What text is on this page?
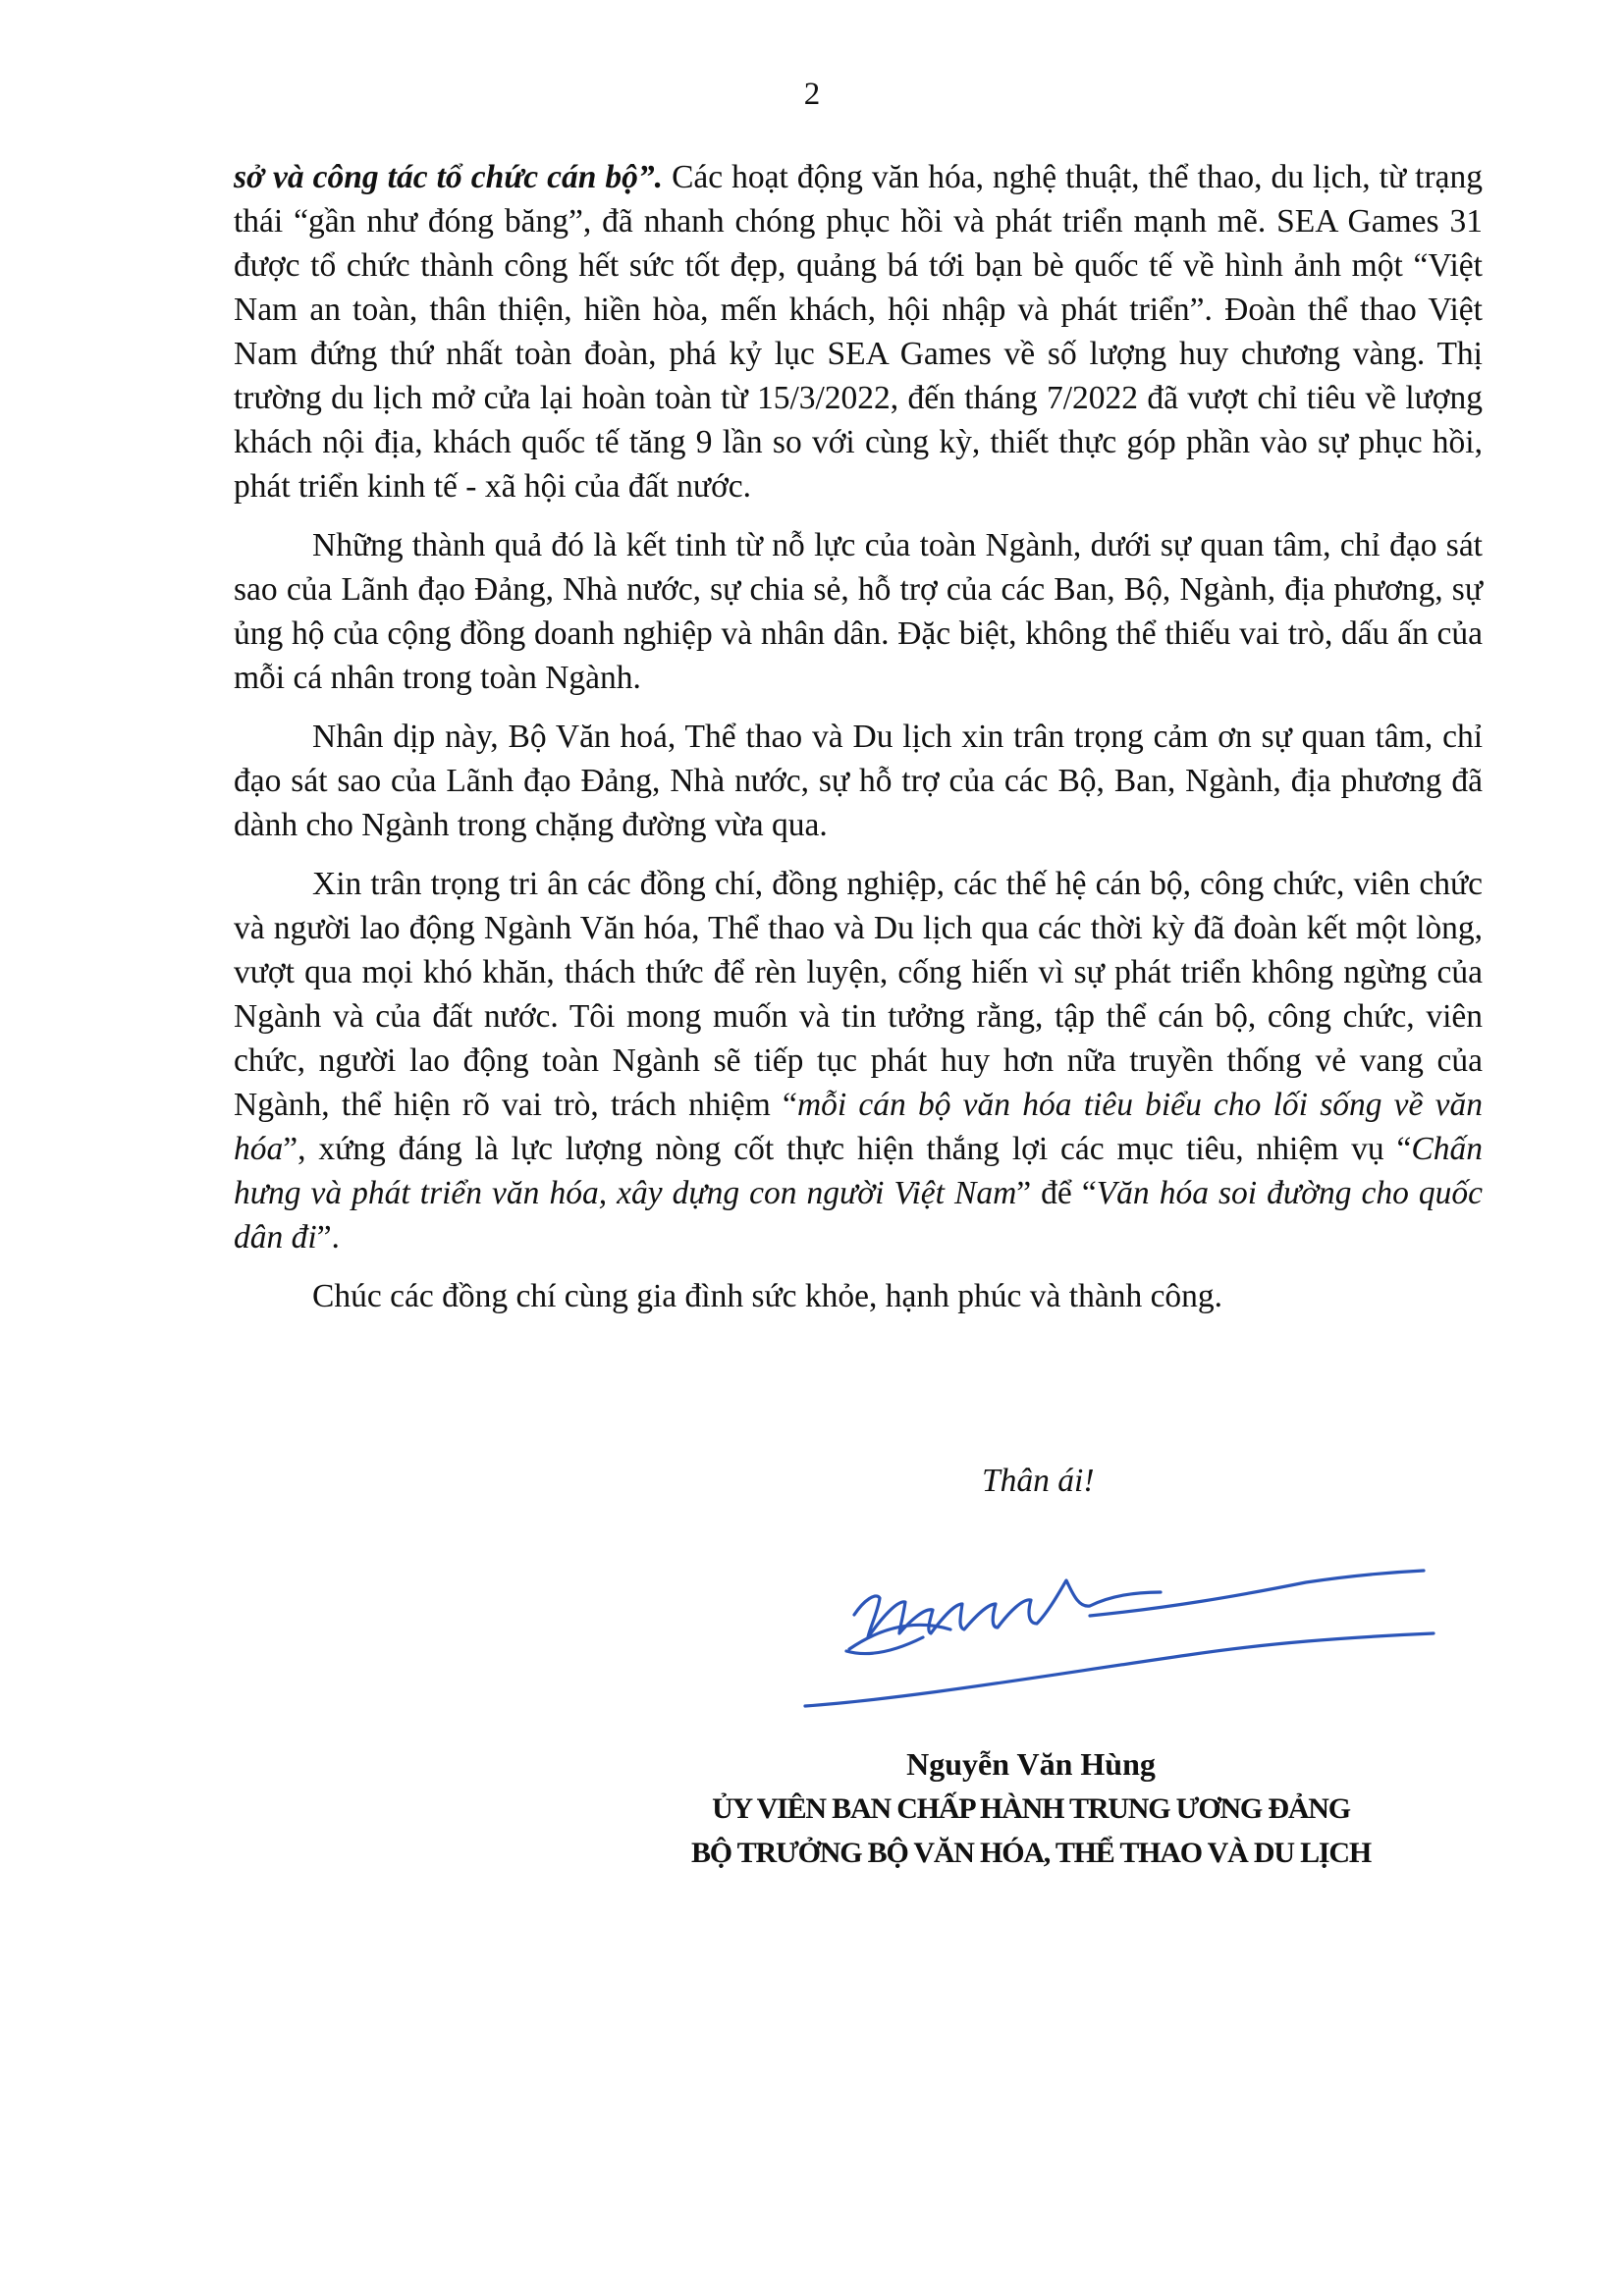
2

sở và công tác tổ chức cán bộ”. Các hoạt động văn hóa, nghệ thuật, thể thao, du lịch, từ trạng thái “gần như đóng băng”, đã nhanh chóng phục hồi và phát triển mạnh mẽ. SEA Games 31 được tổ chức thành công hết sức tốt đẹp, quảng bá tới bạn bè quốc tế về hình ảnh một “Việt Nam an toàn, thân thiện, hiền hòa, mến khách, hội nhập và phát triển”. Đoàn thể thao Việt Nam đứng thứ nhất toàn đoàn, phá kỷ lục SEA Games về số lượng huy chương vàng. Thị trường du lịch mở cửa lại hoàn toàn từ 15/3/2022, đến tháng 7/2022 đã vượt chỉ tiêu về lượng khách nội địa, khách quốc tế tăng 9 lần so với cùng kỳ, thiết thực góp phần vào sự phục hồi, phát triển kinh tế - xã hội của đất nước.

Những thành quả đó là kết tinh từ nỗ lực của toàn Ngành, dưới sự quan tâm, chỉ đạo sát sao của Lãnh đạo Đảng, Nhà nước, sự chia sẻ, hỗ trợ của các Ban, Bộ, Ngành, địa phương, sự ủng hộ của cộng đồng doanh nghiệp và nhân dân. Đặc biệt, không thể thiếu vai trò, dấu ấn của mỗi cá nhân trong toàn Ngành.

Nhân dịp này, Bộ Văn hoá, Thể thao và Du lịch xin trân trọng cảm ơn sự quan tâm, chỉ đạo sát sao của Lãnh đạo Đảng, Nhà nước, sự hỗ trợ của các Bộ, Ban, Ngành, địa phương đã dành cho Ngành trong chặng đường vừa qua.

Xin trân trọng tri ân các đồng chí, đồng nghiệp, các thế hệ cán bộ, công chức, viên chức và người lao động Ngành Văn hóa, Thể thao và Du lịch qua các thời kỳ đã đoàn kết một lòng, vượt qua mọi khó khăn, thách thức để rèn luyện, cống hiến vì sự phát triển không ngừng của Ngành và của đất nước. Tôi mong muốn và tin tưởng rằng, tập thể cán bộ, công chức, viên chức, người lao động toàn Ngành sẽ tiếp tục phát huy hơn nữa truyền thống vẻ vang của Ngành, thể hiện rõ vai trò, trách nhiệm “mỗi cán bộ văn hóa tiêu biểu cho lối sống về văn hóa”, xứng đáng là lực lượng nòng cốt thực hiện thắng lợi các mục tiêu, nhiệm vụ “Chấn hưng và phát triển văn hóa, xây dựng con người Việt Nam” để “Văn hóa soi đường cho quốc dân đi”.

Chúc các đồng chí cùng gia đình sức khỏe, hạnh phúc và thành công.

Thân ái!
Nguyễn Văn Hùng
ỦY VIÊN BAN CHẤP HÀNH TRUNG ƯƠNG ĐẢNG
BỘ TRƯỞNG BỘ VĂN HÓA, THỂ THAO VÀ DU LỊCH
